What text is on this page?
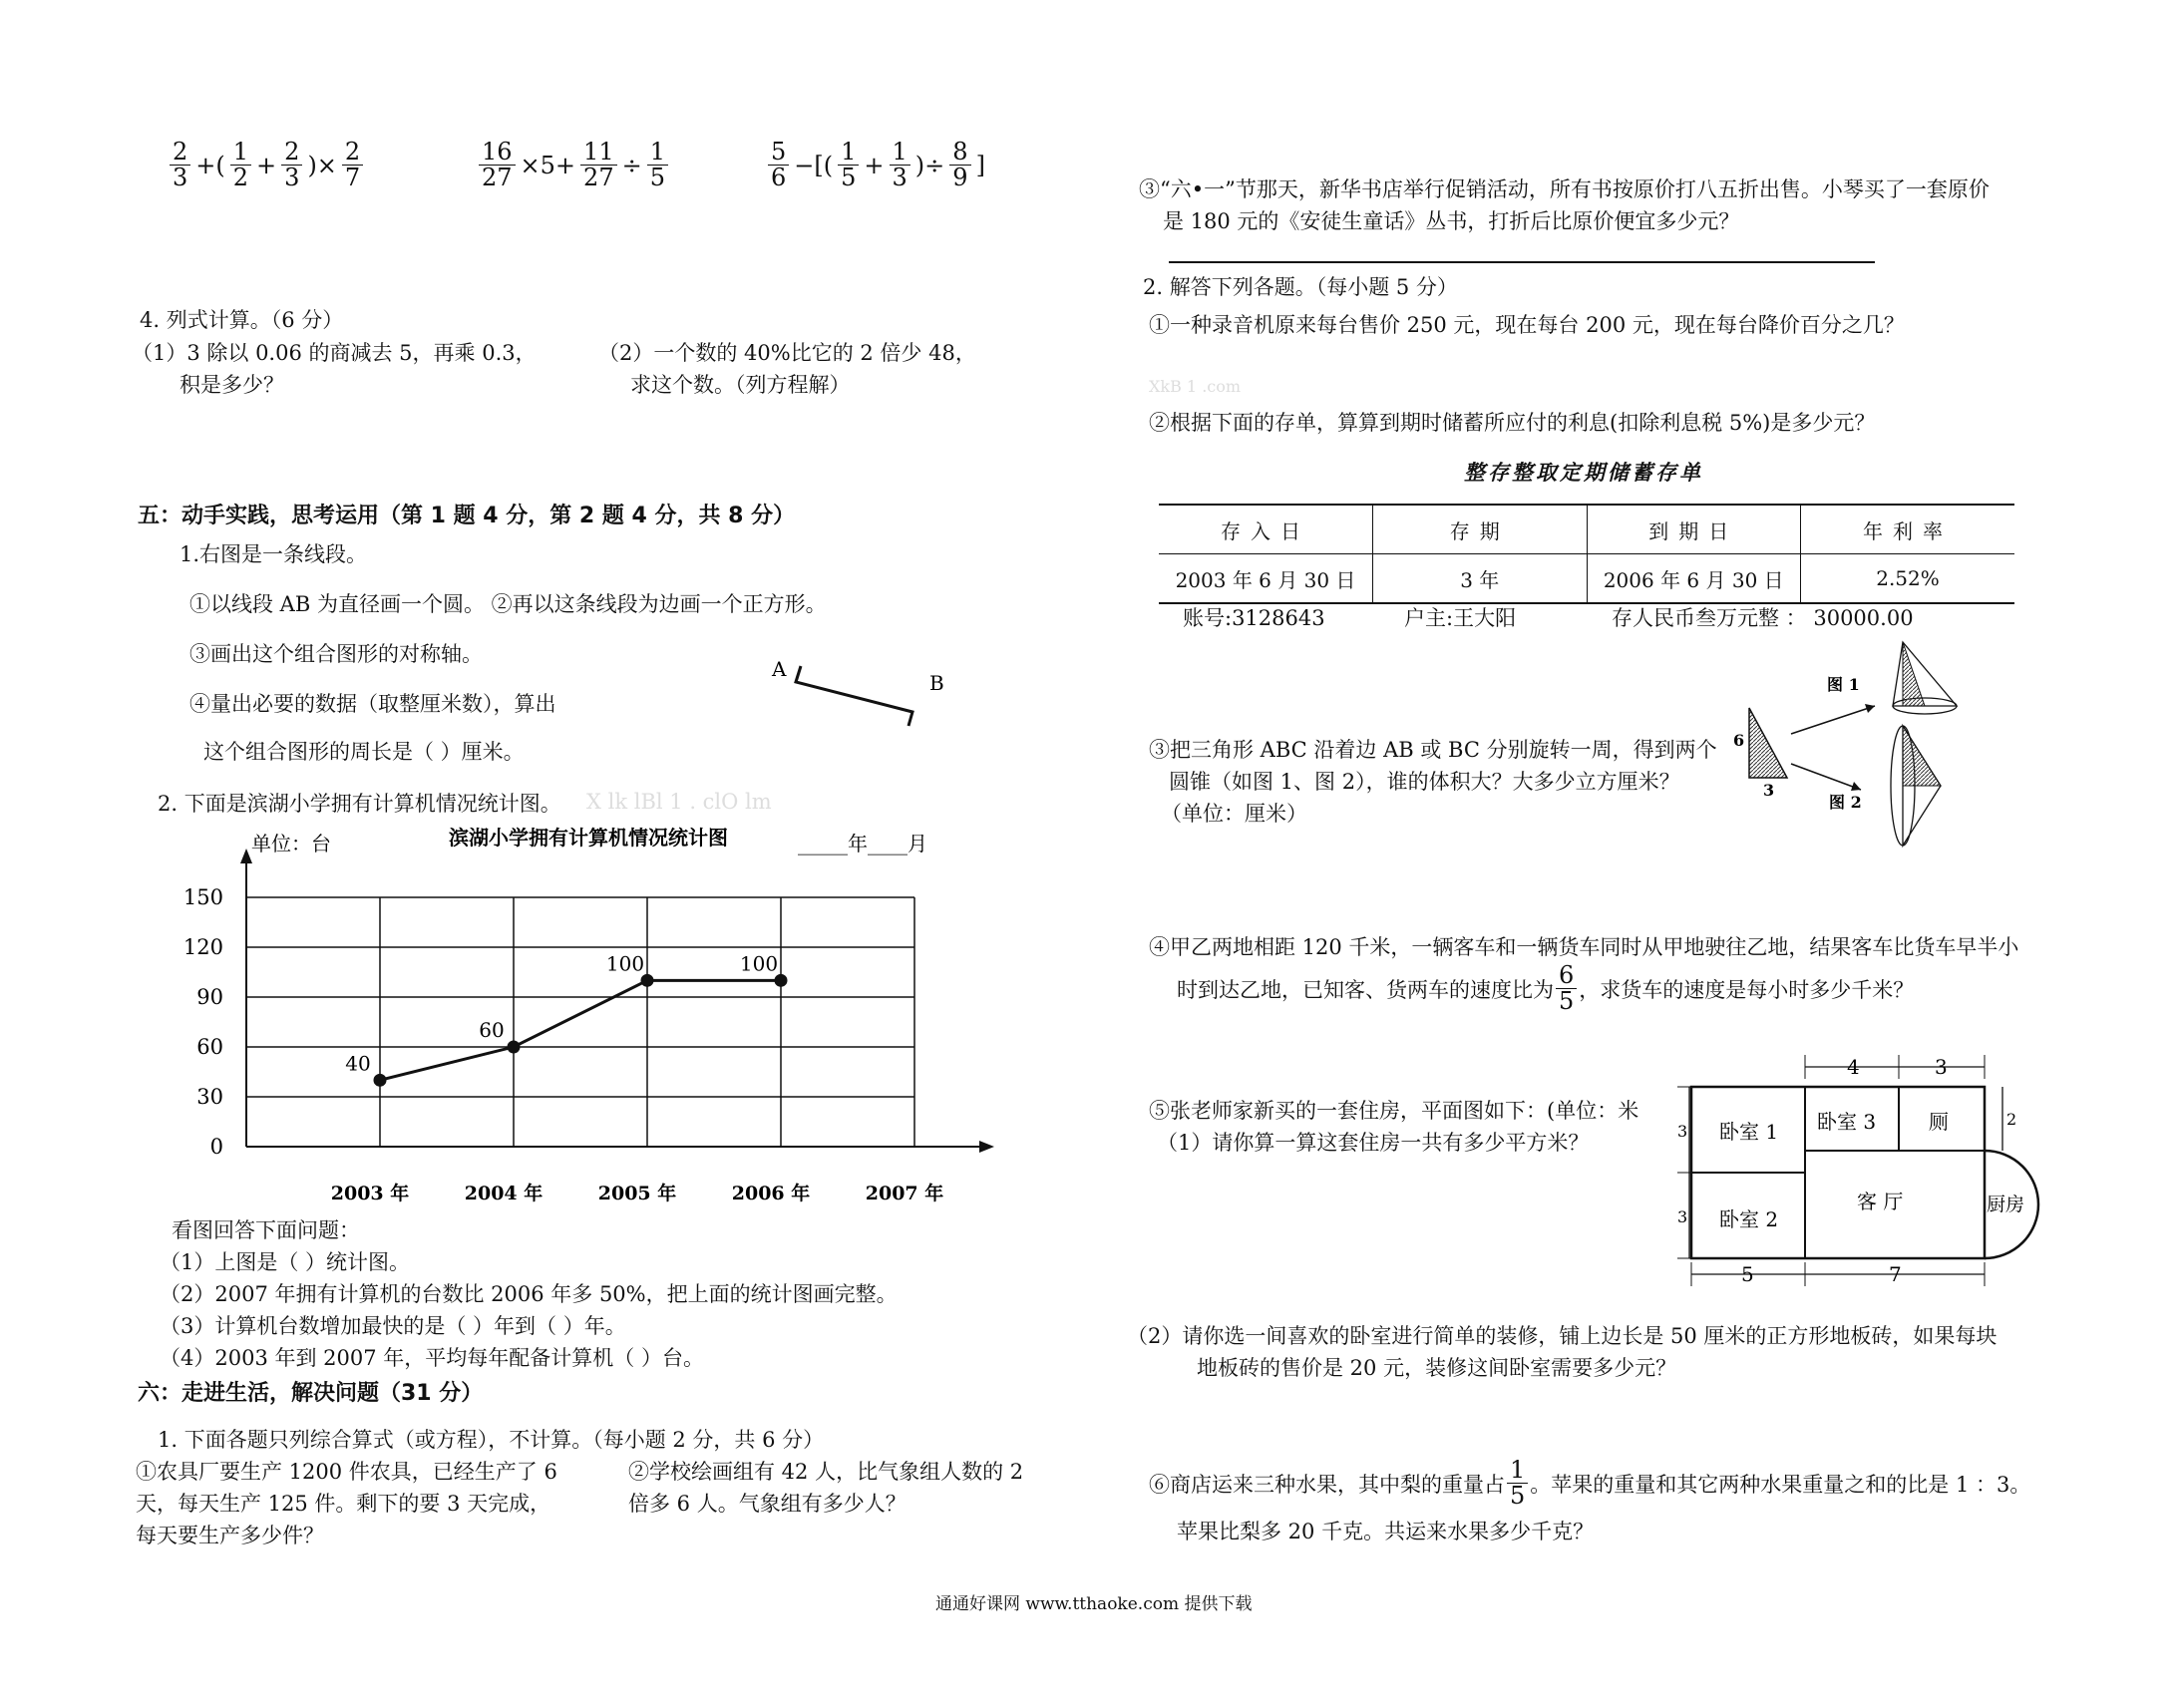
$\frac{2}{3}$ +( $\frac{1}{2} + \frac{2}{3}$ )× $\frac{2}{7}$	$\frac{16}{27} \times 5+ \frac{11}{27} \div \frac{1}{5}$	$\frac{5}{6}$ −[( $\frac{1}{5} + \frac{1}{3}$ )÷ $\frac{8}{9}$ ]
4. 列式计算。（6 分）
（1）3 除以 0.06 的商减去 5，再乘 0.3，
积是多少？
（2）一个数的 40%比它的 2 倍少 48，
求这个数。（列方程解）
五：动手实践，思考运用（第 1 题 4 分，第 2 题 4 分，共 8 分）
1.右图是一条线段。
①以线段 AB 为直径画一个圆。 ②再以这条线段为边画一个正方形。
③画出这个组合图形的对称轴。
④量出必要的数据（取整厘米数），算出
这个组合图形的周长是（ ）厘米。
A
B
2. 下面是滨湖小学拥有计算机情况统计图。 X lk lBl 1 . clO lm
单位：台	滨湖小学拥有计算机情况统计图	_____年____月
0
30
60
90
120
150
2003 年	2004 年	2005 年	2006 年	2007 年
40
60
100	100
看图回答下面问题：
（1）上图是（ ）统计图。
（2）2007 年拥有计算机的台数比 2006 年多 50%，把上面的统计图画完整。
（3）计算机台数增加最快的是（ ）年到（ ）年。
（4）2003 年到 2007 年，平均每年配备计算机（ ）台。
六：走进生活，解决问题（31 分）
1. 下面各题只列综合算式（或方程），不计算。（每小题 2 分，共 6 分）
①农具厂要生产 1200 件农具，已经生产了 6
天，每天生产 125 件。剩下的要 3 天完成，
每天要生产多少件？
②学校绘画组有 42 人，比气象组人数的 2
倍多 6 人。气象组有多少人？
③“六•一”节那天，新华书店举行促销活动，所有书按原价打八五折出售。小琴买了一套原价
是 180 元的《安徒生童话》丛书，打折后比原价便宜多少元？
2. 解答下列各题。（每小题 5 分）
①一种录音机原来每台售价 250 元，现在每台 200 元，现在每台降价百分之几？
XkB 1 .com
②根据下面的存单，算算到期时储蓄所应付的利息(扣除利息税 5%)是多少元？
整存整取定期储蓄存单
存入日	存期	到期日	年利率
2003 年 6 月 30 日	3 年	2006 年 6 月 30 日	2.52%
账号:3128643	户主:王大阳	存人民币叁万元整 ： 30000.00
③把三角形 ABC 沿着边 AB 或 BC 分别旋转一周，得到两个
圆锥（如图 1、图 2），谁的体积大？大多少立方厘米？
（单位：厘米）
6
3
图 1
图 2
④甲乙两地相距 120 千米，一辆客车和一辆货车同时从甲地驶往乙地，结果客车比货车早半小
时到达乙地，已知客、货两车的速度比为 $\frac{6}{5}$ ，求货车的速度是每小时多少千米？
⑤张老师家新买的一套住房，平面图如下：(单位：米
（1）请你算一算这套住房一共有多少平方米？
4	3
3
3
2
卧室 1
卧室 2
卧室 3	厕
客 厅	厨房
5	7
（2）请你选一间喜欢的卧室进行简单的装修，铺上边长是 50 厘米的正方形地板砖，如果每块
地板砖的售价是 20 元，装修这间卧室需要多少元？
⑥商店运来三种水果，其中梨的重量占 $\frac{1}{5}$ 。苹果的重量和其它两种水果重量之和的比是 1 ：3。
苹果比梨多 20 千克。共运来水果多少千克？
通通好课网 www.tthaoke.com 提供下载
